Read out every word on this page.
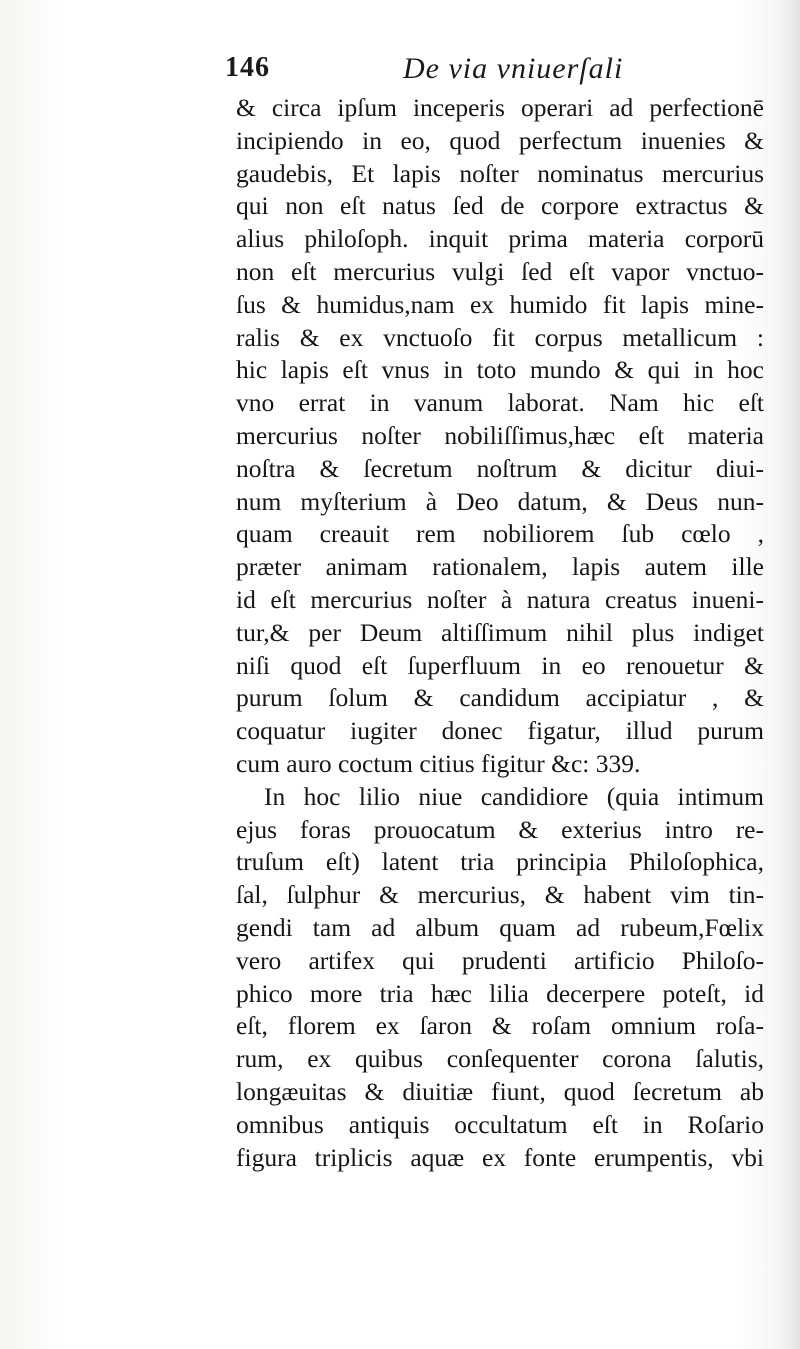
146	De via vniuerſali
& circa ipſum inceperis operari ad perfectionē
incipiendo in eo, quod perfectum inuenies &
gaudebis, Et lapis noſter nominatus mercurius
qui non eſt natus ſed de corpore extractus &
alius philoſoph. inquit prima materia corporū
non eſt mercurius vulgi ſed eſt vapor vnctuo-
ſus & humidus,nam ex humido fit lapis mine-
ralis & ex vnctuoſo fit corpus metallicum :
hic lapis eſt vnus in toto mundo & qui in hoc
vno errat in vanum laborat. Nam hic eſt
mercurius noſter nobiliſſimus,hæc eſt materia
noſtra & ſecretum noſtrum & dicitur diui-
num myſterium à Deo datum, & Deus nun-
quam creauit rem nobiliorem ſub cœlo ,
præter animam rationalem, lapis autem ille
id eſt mercurius noſter à natura creatus inueni-
tur,& per Deum altiſſimum nihil plus indiget
niſi quod eſt ſuperfluum in eo renouetur &
purum ſolum & candidum accipiatur , &
coquatur iugiter donec figatur, illud purum
cum auro coctum citius figitur &c: 339.
In hoc lilio niue candidiore (quia intimum
ejus foras prouocatum & exterius intro re-
truſum eſt) latent tria principia Philoſophica,
ſal, ſulphur & mercurius, & habent vim tin-
gendi tam ad album quam ad rubeum,Fœlix
vero artifex qui prudenti artificio Philoſo-
phico more tria hæc lilia decerpere poteſt, id
eſt, florem ex ſaron & roſam omnium roſa-
rum, ex quibus conſequenter corona ſalutis,
longæuitas & diuitiæ fiunt, quod ſecretum ab
omnibus antiquis occultatum eſt in Roſario
figura triplicis aquæ ex fonte erumpentis, vbi
